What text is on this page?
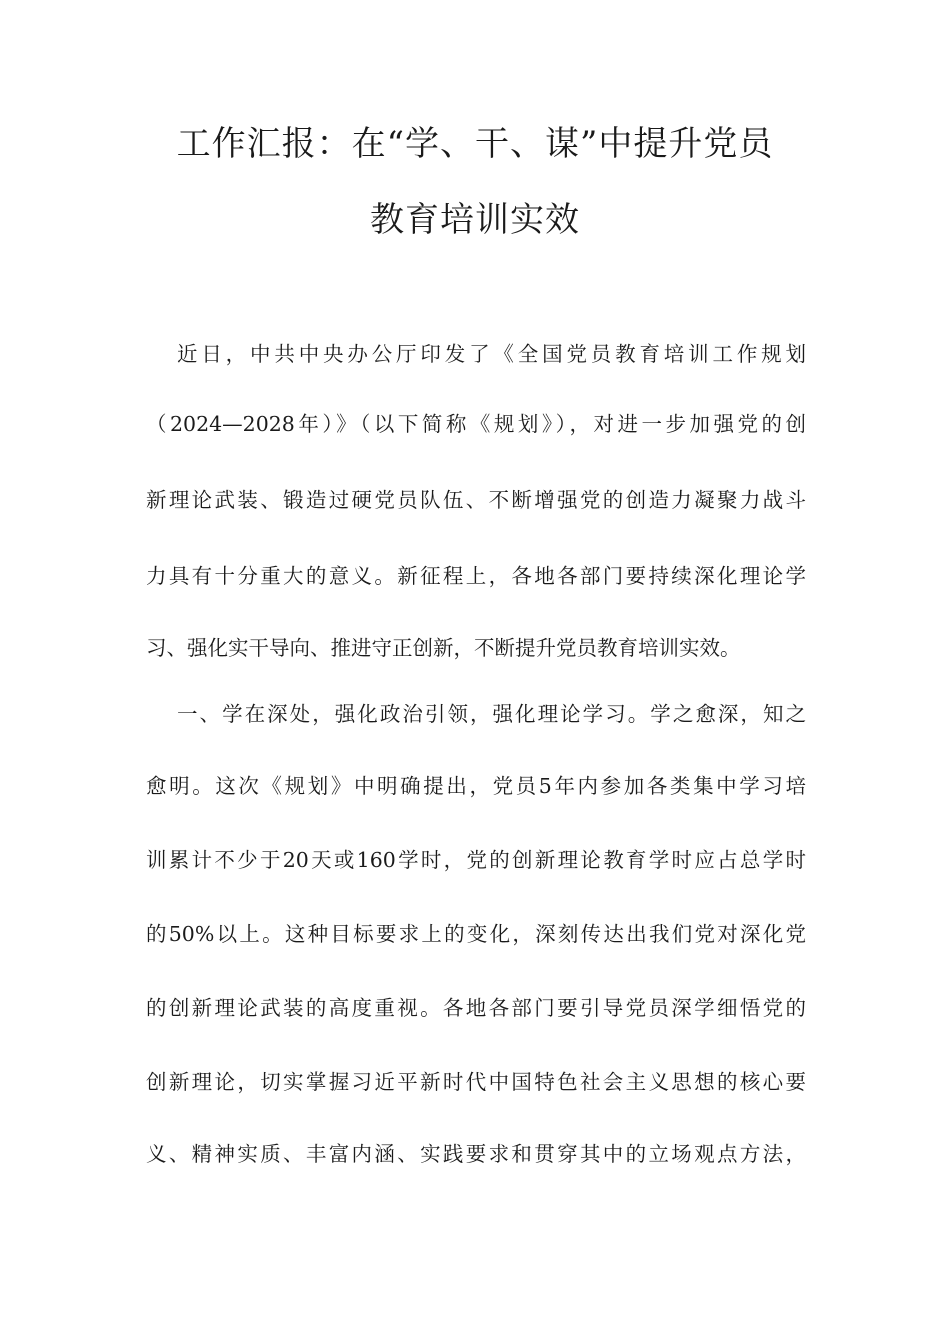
工作汇报：在“学、干、谋”中提升党员
教育培训实效
近日，中共中央办公厅印发了《全国党员教育培训工作规划
（2024—2028年）》（以下简称《规划》），对进一步加强党的创
新理论武装、锻造过硬党员队伍、不断增强党的创造力凝聚力战斗
力具有十分重大的意义。新征程上，各地各部门要持续深化理论学
习、强化实干导向、推进守正创新，不断提升党员教育培训实效。
一、学在深处，强化政治引领，强化理论学习。学之愈深，知之
愈明。这次《规划》中明确提出，党员5年内参加各类集中学习培
训累计不少于20天或160学时，党的创新理论教育学时应占总学时
的50%以上。这种目标要求上的变化，深刻传达出我们党对深化党
的创新理论武装的高度重视。各地各部门要引导党员深学细悟党的
创新理论，切实掌握习近平新时代中国特色社会主义思想的核心要
义、精神实质、丰富内涵、实践要求和贯穿其中的立场观点方法，
